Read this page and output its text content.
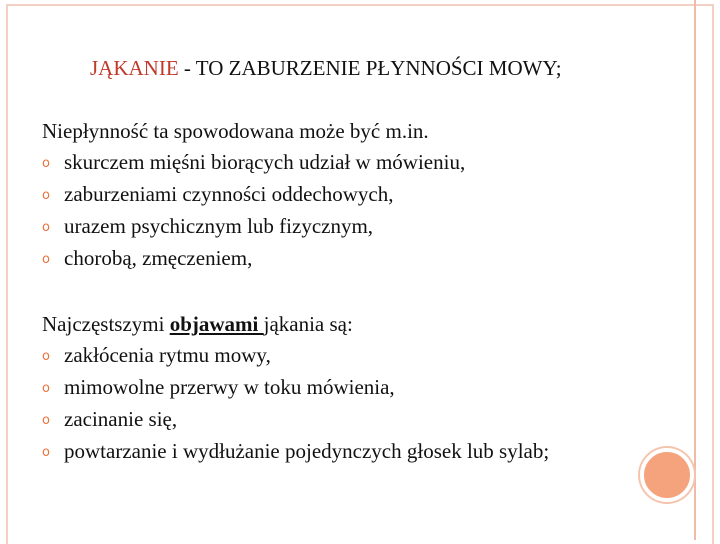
JĄKANIE - TO ZABURZENIE PŁYNNOŚCI MOWY;
Niepłynność ta spowodowana może być m.in.
o skurczem mięśni biorących udział w mówieniu,
o zaburzeniami czynności oddechowych,
o urazem psychicznym lub fizycznym,
o chorobą, zmęczeniem,
Najczęstszymi objawami jąkania są:
o zakłócenia rytmu mowy,
o mimowolne przerwy w toku mówienia,
o zacinanie się,
o powtarzanie i wydłużanie pojedynczych głosek lub sylab;
